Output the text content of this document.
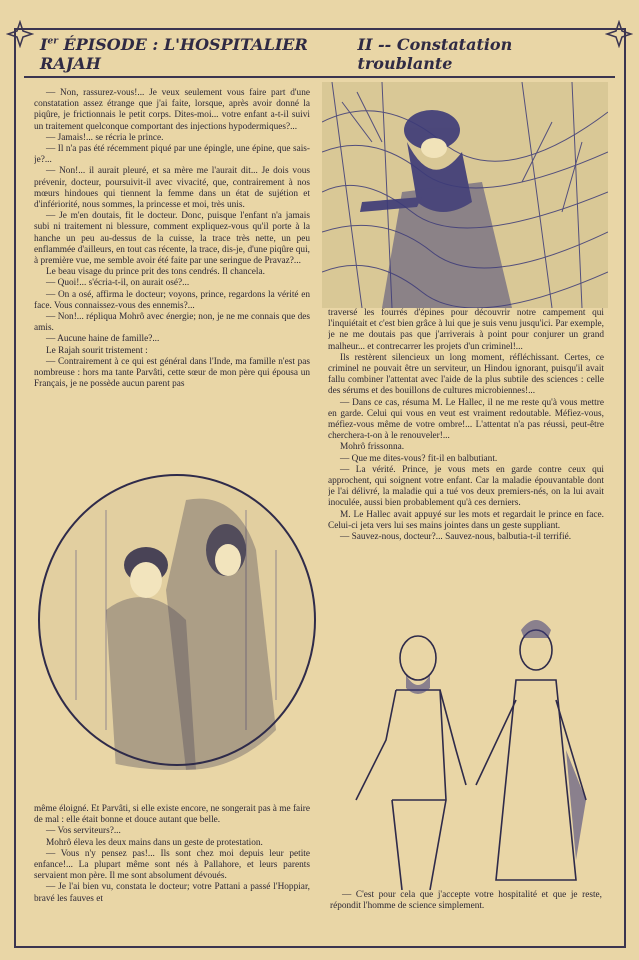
Ier ÉPISODE : L'HOSPITALIER RAJAH
II -- Constatation troublante

— Non, rassurez-vous!... Je veux seulement vous faire part d'une constatation assez étrange que j'ai faite, lorsque, après avoir donné la piqûre, je frictionnais le petit corps. Dites-moi... votre enfant a-t-il suivi un traitement quelconque comportant des injections hypodermiques?...

— Jamais!... se récria le prince.

— Il n'a pas été récemment piqué par une épingle, une épine, que sais-je?...

— Non!... il aurait pleuré, et sa mère me l'aurait dit... Je dois vous prévenir, docteur, poursuivit-il avec vivacité, que, contrairement à nos mœurs hindoues qui tiennent la femme dans un état de sujétion et d'infériorité, nous sommes, la princesse et moi, très unis.

— Je m'en doutais, fit le docteur. Donc, puisque l'enfant n'a jamais subi ni traitement ni blessure, comment expliquez-vous qu'il porte à la hanche un peu au-dessus de la cuisse, la trace très nette, un peu enflammée d'ailleurs, en tout cas récente, la trace, dis-je, d'une piqûre qui, à première vue, me semble avoir été faite par une seringue de Pravaz?...

Le beau visage du prince prit des tons cendrés. Il chancela.

— Quoi!... s'écria-t-il, on aurait osé?...

— On a osé, affirma le docteur; voyons, prince, regardons la vérité en face. Vous connaissez-vous des ennemis?...

— Non!... répliqua Mohrô avec énergie; non, je ne me connais que des amis.

— Aucune haine de famille?...

Le Rajah sourit tristement :

— Contrairement à ce qui est général dans l'Inde, ma famille n'est pas nombreuse : hors ma tante Parvâti, cette sœur de mon père qui épousa un Français, je ne possède aucun parent pas

traversé les fourrés d'épines pour découvrir notre campement qui l'inquiétait et c'est bien grâce à lui que je suis venu jusqu'ici. Par exemple, je ne me doutais pas que j'arriverais à point pour conjurer un grand malheur... et contrecarrer les projets d'un criminel!...

Ils restèrent silencieux un long moment, réfléchissant. Certes, ce criminel ne pouvait être un serviteur, un Hindou ignorant, puisqu'il avait fallu combiner l'attentat avec l'aide de la plus subtile des sciences : celle des sérums et des bouillons de cultures microbiennes!...

— Dans ce cas, résuma M. Le Hallec, il ne me reste qu'à vous mettre en garde. Celui qui vous en veut est vraiment redoutable. Méfiez-vous, méfiez-vous même de votre ombre!... L'attentat n'a pas réussi, peut-être cherchera-t-on à le renouveler!...

Mohrô frissonna.

— Que me dites-vous? fit-il en balbutiant.

— La vérité. Prince, je vous mets en garde contre ceux qui approchent, qui soignent votre enfant. Car la maladie épouvantable dont je l'ai délivré, la maladie qui a tué vos deux premiers-nés, on la lui avait inoculée, aussi bien probablement qu'à ces derniers.

M. Le Hallec avait appuyé sur les mots et regardait le prince en face. Celui-ci jeta vers lui ses mains jointes dans un geste suppliant.

— Sauvez-nous, docteur?... Sauvez-nous, balbutia-t-il terrifié.

même éloigné. Et Parvâti, si elle existe encore, ne songerait pas à me faire de mal : elle était bonne et douce autant que belle.

— Vos serviteurs?...

Mohrô éleva les deux mains dans un geste de protestation.

— Vous n'y pensez pas!... Ils sont chez moi depuis leur petite enfance!... La plupart même sont nés à Pallahore, et leurs parents servaient mon père. Il me sont absolument dévoués.

— Je l'ai bien vu, constata le docteur; votre Pattani a passé l'Hoppiar, bravé les fauves et	— C'est pour cela que j'accepte votre hospitalité et que je reste, répondit l'homme de science simplement.
